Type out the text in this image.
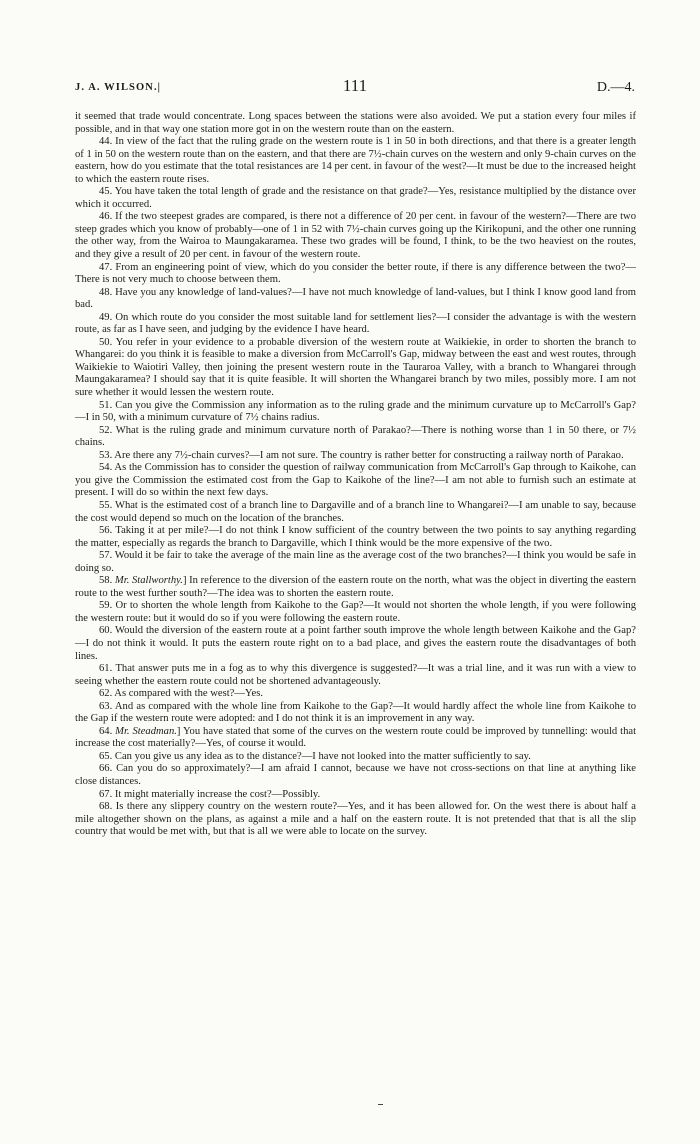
J. A. WILSON.|	111	D.—4.

it seemed that trade would concentrate. Long spaces between the stations were also avoided. We put a station every four miles if possible, and in that way one station more got in on the western route than on the eastern.

44. In view of the fact that the ruling grade on the western route is 1 in 50 in both directions, and that there is a greater length of 1 in 50 on the western route than on the eastern, and that there are 7½-chain curves on the western and only 9-chain curves on the eastern, how do you estimate that the total resistances are 14 per cent. in favour of the west?—It must be due to the increased height to which the eastern route rises.

45. You have taken the total length of grade and the resistance on that grade?—Yes, resistance multiplied by the distance over which it occurred.

46. If the two steepest grades are compared, is there not a difference of 20 per cent. in favour of the western?—There are two steep grades which you know of probably—one of 1 in 52 with 7½-chain curves going up the Kirikopuni, and the other one running the other way, from the Wairoa to Maungakaramea. These two grades will be found, I think, to be the two heaviest on the routes, and they give a result of 20 per cent. in favour of the western route.

47. From an engineering point of view, which do you consider the better route, if there is any difference between the two?—There is not very much to choose between them.

48. Have you any knowledge of land-values?—I have not much knowledge of land-values, but I think I know good land from bad.

49. On which route do you consider the most suitable land for settlement lies?—I consider the advantage is with the western route, as far as I have seen, and judging by the evidence I have heard.

50. You refer in your evidence to a probable diversion of the western route at Waikiekie, in order to shorten the branch to Whangarei: do you think it is feasible to make a diversion from McCarroll's Gap, midway between the east and west routes, through Waikiekie to Waiotiri Valley, then joining the present western route in the Tauraroa Valley, with a branch to Whangarei through Maungakaramea? I should say that it is quite feasible. It will shorten the Whangarei branch by two miles, possibly more. I am not sure whether it would lessen the western route.

51. Can you give the Commission any information as to the ruling grade and the minimum curvature up to McCarroll's Gap?—I in 50, with a minimum curvature of 7½ chains radius.

52. What is the ruling grade and minimum curvature north of Parakao?—There is nothing worse than 1 in 50 there, or 7½ chains.

53. Are there any 7½-chain curves?—I am not sure. The country is rather better for constructing a railway north of Parakao.

54. As the Commission has to consider the question of railway communication from McCarroll's Gap through to Kaikohe, can you give the Commission the estimated cost from the Gap to Kaikohe of the line?—I am not able to furnish such an estimate at present. I will do so within the next few days.

55. What is the estimated cost of a branch line to Dargaville and of a branch line to Whangarei?—I am unable to say, because the cost would depend so much on the location of the branches.

56. Taking it at per mile?—I do not think I know sufficient of the country between the two points to say anything regarding the matter, especially as regards the branch to Dargaville, which I think would be the more expensive of the two.

57. Would it be fair to take the average of the main line as the average cost of the two branches?—I think you would be safe in doing so.

58. Mr. Stallworthy.] In reference to the diversion of the eastern route on the north, what was the object in diverting the eastern route to the west further south?—The idea was to shorten the eastern route.

59. Or to shorten the whole length from Kaikohe to the Gap?—It would not shorten the whole length, if you were following the western route: but it would do so if you were following the eastern route.

60. Would the diversion of the eastern route at a point farther south improve the whole length between Kaikohe and the Gap?—I do not think it would. It puts the eastern route right on to a bad place, and gives the eastern route the disadvantages of both lines.

61. That answer puts me in a fog as to why this divergence is suggested?—It was a trial line, and it was run with a view to seeing whether the eastern route could not be shortened advantageously.

62. As compared with the west?—Yes.

63. And as compared with the whole line from Kaikohe to the Gap?—It would hardly affect the whole line from Kaikohe to the Gap if the western route were adopted: and I do not think it is an improvement in any way.

64. Mr. Steadman.] You have stated that some of the curves on the western route could be improved by tunnelling: would that increase the cost materially?—Yes, of course it would.

65. Can you give us any idea as to the distance?—I have not looked into the matter sufficiently to say.

66. Can you do so approximately?—I am afraid I cannot, because we have not cross-sections on that line at anything like close distances.

67. It might materially increase the cost?—Possibly.

68. Is there any slippery country on the western route?—Yes, and it has been allowed for. On the west there is about half a mile altogether shown on the plans, as against a mile and a half on the eastern route. It is not pretended that that is all the slip country that would be met with, but that is all we were able to locate on the survey.
